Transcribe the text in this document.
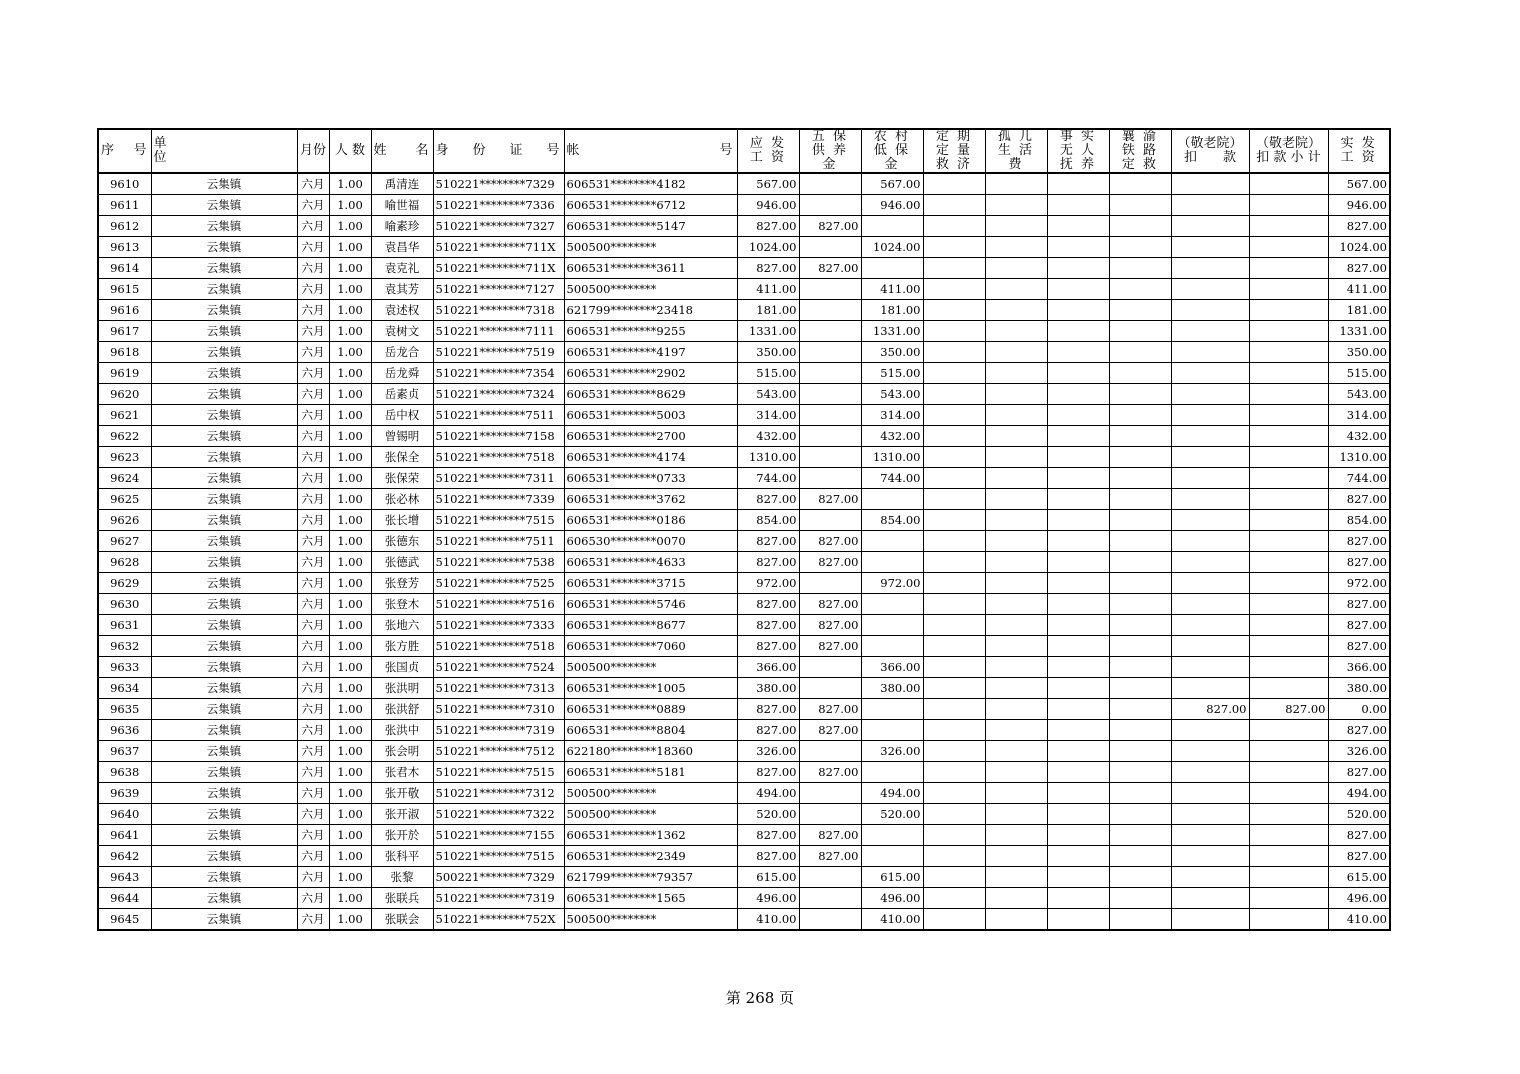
序　号	单　　　　　　　　位	月份	人 数	姓　名	身　份　证　号	帐　　　　　　　　号	应 发 工 资	五 保 供 养　　金	农 村 低 保　　金	定 期 定 量 救 济	孤 儿 生 活　　费	事 实 无 人 抚 养	襄 渝 铁 路 定 救	（敬老院） 扣　　款	（敬老院） 扣 款 小 计	实 发 工 资
9610	云集镇	六月	1.00	禹清连	510221********7329	606531********4182	567.00		567.00							567.00
9611	云集镇	六月	1.00	喻世福	510221********7336	606531********6712	946.00		946.00							946.00
9612	云集镇	六月	1.00	喻素珍	510221********7327	606531********5147	827.00	827.00								827.00
9613	云集镇	六月	1.00	袁昌华	510221********711X	500500********	1024.00		1024.00							1024.00
9614	云集镇	六月	1.00	袁克礼	510221********711X	606531********3611	827.00	827.00								827.00
9615	云集镇	六月	1.00	袁其芳	510221********7127	500500********	411.00		411.00							411.00
9616	云集镇	六月	1.00	袁述权	510221********7318	621799********23418	181.00		181.00							181.00
9617	云集镇	六月	1.00	袁树文	510221********7111	606531********9255	1331.00		1331.00							1331.00
9618	云集镇	六月	1.00	岳龙合	510221********7519	606531********4197	350.00		350.00							350.00
9619	云集镇	六月	1.00	岳龙舜	510221********7354	606531********2902	515.00		515.00							515.00
9620	云集镇	六月	1.00	岳素贞	510221********7324	606531********8629	543.00		543.00							543.00
9621	云集镇	六月	1.00	岳中权	510221********7511	606531********5003	314.00		314.00							314.00
9622	云集镇	六月	1.00	曾锡明	510221********7158	606531********2700	432.00		432.00							432.00
9623	云集镇	六月	1.00	张保全	510221********7518	606531********4174	1310.00		1310.00							1310.00
9624	云集镇	六月	1.00	张保荣	510221********7311	606531********0733	744.00		744.00							744.00
9625	云集镇	六月	1.00	张必林	510221********7339	606531********3762	827.00	827.00								827.00
9626	云集镇	六月	1.00	张长增	510221********7515	606531********0186	854.00		854.00							854.00
9627	云集镇	六月	1.00	张德东	510221********7511	606530********0070	827.00	827.00								827.00
9628	云集镇	六月	1.00	张德武	510221********7538	606531********4633	827.00	827.00								827.00
9629	云集镇	六月	1.00	张登芳	510221********7525	606531********3715	972.00		972.00							972.00
9630	云集镇	六月	1.00	张登木	510221********7516	606531********5746	827.00	827.00								827.00
9631	云集镇	六月	1.00	张地六	510221********7333	606531********8677	827.00	827.00								827.00
9632	云集镇	六月	1.00	张方胜	510221********7518	606531********7060	827.00	827.00								827.00
9633	云集镇	六月	1.00	张国贞	510221********7524	500500********	366.00		366.00							366.00
9634	云集镇	六月	1.00	张洪明	510221********7313	606531********1005	380.00		380.00							380.00
9635	云集镇	六月	1.00	张洪舒	510221********7310	606531********0889	827.00	827.00						827.00	827.00	0.00
9636	云集镇	六月	1.00	张洪中	510221********7319	606531********8804	827.00	827.00								827.00
9637	云集镇	六月	1.00	张会明	510221********7512	622180********18360	326.00		326.00							326.00
9638	云集镇	六月	1.00	张君木	510221********7515	606531********5181	827.00	827.00								827.00
9639	云集镇	六月	1.00	张开敬	510221********7312	500500********	494.00		494.00							494.00
9640	云集镇	六月	1.00	张开淑	510221********7322	500500********	520.00		520.00							520.00
9641	云集镇	六月	1.00	张开於	510221********7155	606531********1362	827.00	827.00								827.00
9642	云集镇	六月	1.00	张科平	510221********7515	606531********2349	827.00	827.00								827.00
9643	云集镇	六月	1.00	张黎	500221********7329	621799********79357	615.00		615.00							615.00
9644	云集镇	六月	1.00	张联兵	510221********7319	606531********1565	496.00		496.00							496.00
9645	云集镇	六月	1.00	张联会	510221********752X	500500********	410.00		410.00							410.00
第 268 页
